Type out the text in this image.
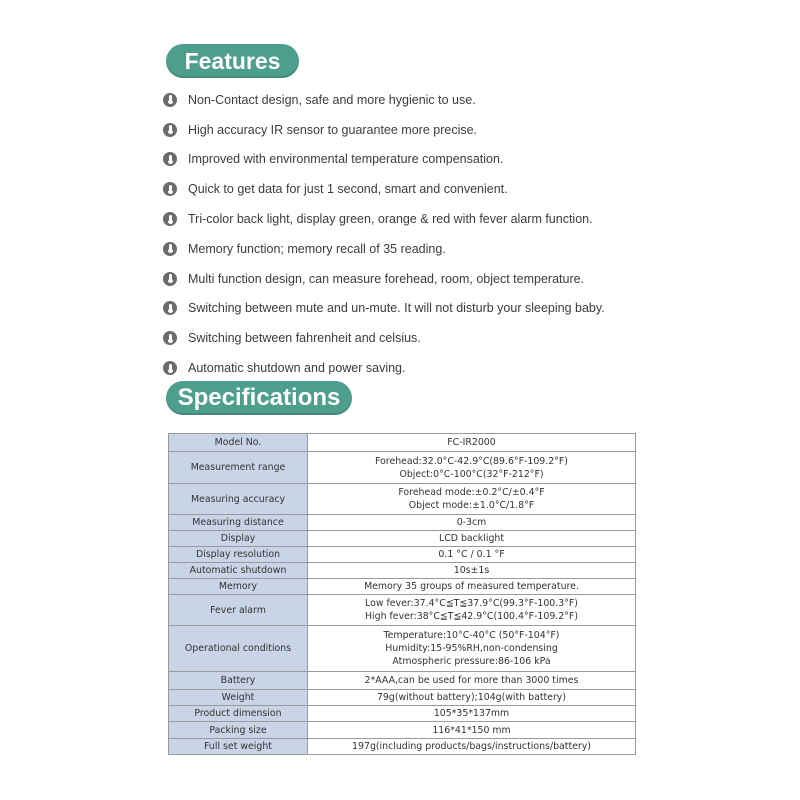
Features
Non-Contact design, safe and more hygienic to use.
High accuracy IR sensor to guarantee more precise.
Improved with environmental temperature compensation.
Quick to get data for just 1 second, smart and convenient.
Tri-color back light, display green, orange & red with fever alarm function.
Memory function; memory recall of 35 reading.
Multi function design, can measure forehead, room, object temperature.
Switching between mute and un-mute. It will not disturb your sleeping baby.
Switching between fahrenheit and celsius.
Automatic shutdown and power saving.
Specifications
Model No.	FC-IR2000

Measurement range	Forehead:32.0°C-42.9°C(89.6°F-109.2°F)
Object:0°C-100°C(32°F-212°F)

Measuring accuracy	Forehead mode:±0.2°C/±0.4°F
Object mode:±1.0°C/1.8°F

Measuring distance	0-3cm

Display	LCD backlight

Display resolution	0.1 °C / 0.1 °F

Automatic shutdown	10s±1s

Memory	Memory 35 groups of measured temperature.

Fever alarm	Low fever:37.4°C≦T≦37.9°C(99.3°F-100.3°F)
High fever:38°C≦T≦42.9°C(100.4°F-109.2°F)

Operational conditions	Temperature:10°C-40°C (50°F-104°F)
Humidity:15-95%RH,non-condensing
Atmospheric pressure:86-106 kPa

Battery	2*AAA,can be used for more than 3000 times

Weight	79g(without battery);104g(with battery)

Product dimension	105*35*137mm

Packing size	116*41*150 mm

Full set weight	197g(including products/bags/instructions/battery)
